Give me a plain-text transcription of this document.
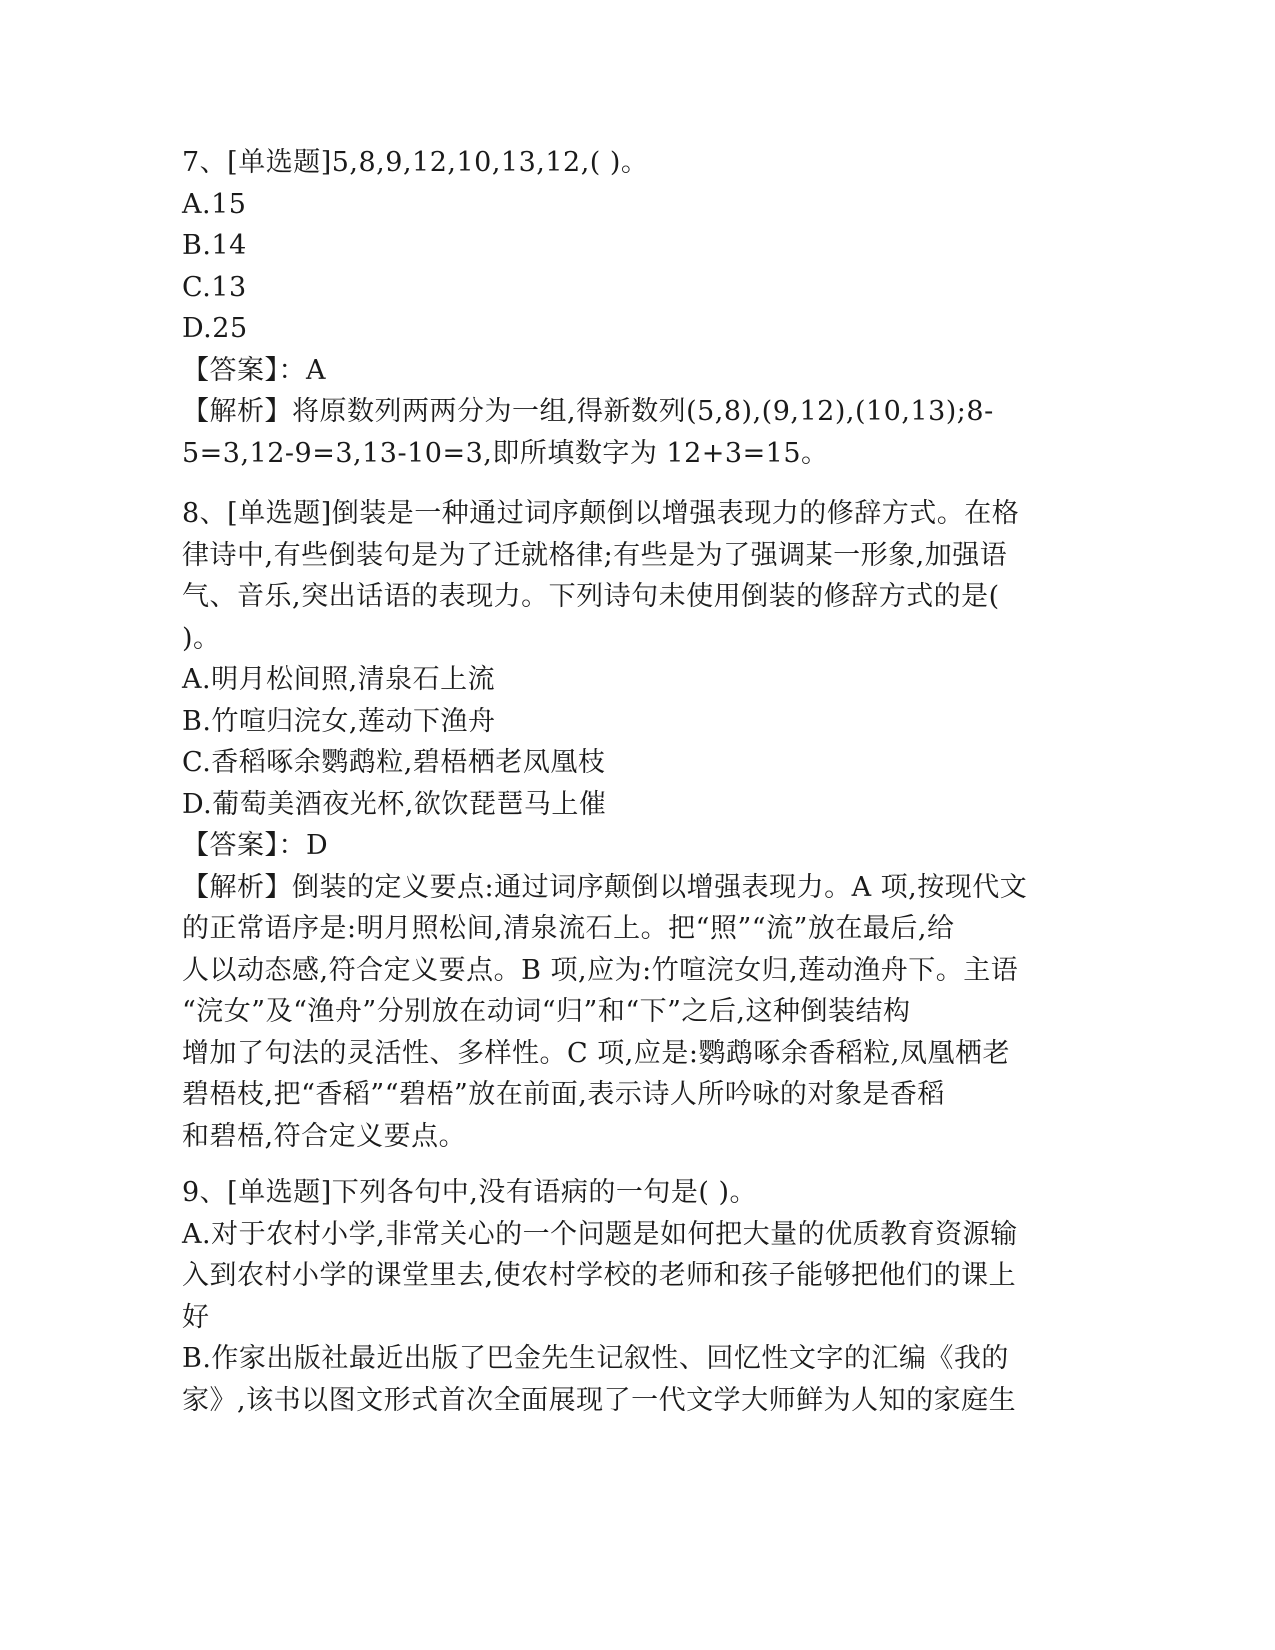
7、[单选题]5,8,9,12,10,13,12,( )。
A.15
B.14
C.13
D.25
【答案】：A
【解析】将原数列两两分为一组,得新数列(5,8),(9,12),(10,13);8-
5=3,12-9=3,13-10=3,即所填数字为 12+3=15。
8、[单选题]倒装是一种通过词序颠倒以增强表现力的修辞方式。在格
律诗中,有些倒装句是为了迁就格律;有些是为了强调某一形象,加强语
气、音乐,突出话语的表现力。下列诗句未使用倒装的修辞方式的是(
)。
A.明月松间照,清泉石上流
B.竹喧归浣女,莲动下渔舟
C.香稻啄余鹦鹉粒,碧梧栖老凤凰枝
D.葡萄美酒夜光杯,欲饮琵琶马上催
【答案】：D
【解析】倒装的定义要点:通过词序颠倒以增强表现力。A 项,按现代文
的正常语序是:明月照松间,清泉流石上。把“照”“流”放在最后,给
人以动态感,符合定义要点。B 项,应为:竹喧浣女归,莲动渔舟下。主语
“浣女”及“渔舟”分别放在动词“归”和“下”之后,这种倒装结构
增加了句法的灵活性、多样性。C 项,应是:鹦鹉啄余香稻粒,凤凰栖老
碧梧枝,把“香稻”“碧梧”放在前面,表示诗人所吟咏的对象是香稻
和碧梧,符合定义要点。
9、[单选题]下列各句中,没有语病的一句是( )。
A.对于农村小学,非常关心的一个问题是如何把大量的优质教育资源输
入到农村小学的课堂里去,使农村学校的老师和孩子能够把他们的课上
好
B.作家出版社最近出版了巴金先生记叙性、回忆性文字的汇编《我的
家》,该书以图文形式首次全面展现了一代文学大师鲜为人知的家庭生
